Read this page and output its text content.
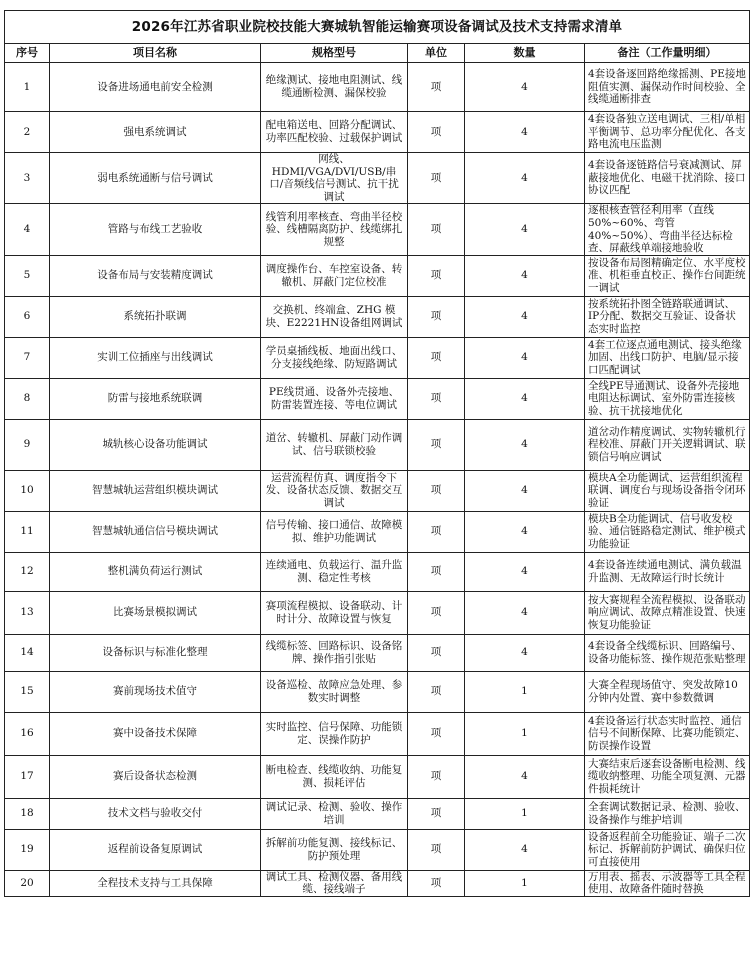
2026年江苏省职业院校技能大赛城轨智能运输赛项设备调试及技术支持需求清单					
序号	项目名称	规格型号	单位	数量	备注（工作量明细）
1	设备进场通电前安全检测	绝缘测试、接地电阻测试、线缆通断检测、漏保校验	项	4	4套设备逐回路绝缘摇测、PE接地阻值实测、漏保动作时间校验、全线缆通断排查
2	强电系统调试	配电箱送电、回路分配调试、功率匹配校验、过载保护调试	项	4	4套设备独立送电调试、三相/单相平衡调节、总功率分配优化、各支路电流电压监测
3	弱电系统通断与信号调试	网线、HDMI/VGA/DVI/USB/串口/音频线信号测试、抗干扰调试	项	4	4套设备逐链路信号衰减测试、屏蔽接地优化、电磁干扰消除、接口协议匹配
4	管路与布线工艺验收	线管利用率核查、弯曲半径校验、线槽隔离防护、线缆绑扎规整	项	4	逐根核查管径利用率（直线50%~60%、弯管 40%~50%）、弯曲半径达标检查、屏蔽线单端接地验收
5	设备布局与安装精度调试	调度操作台、车控室设备、转辙机、屏蔽门定位校准	项	4	按设备布局图精确定位、水平度校准、机柜垂直校正、操作台间距统一调试
6	系统拓扑联调	交换机、终端盒、ZHG 模块、E2221HN设备组网调试	项	4	按系统拓扑图全链路联通调试、IP分配、数据交互验证、设备状态实时监控
7	实训工位插座与出线调试	学员桌插线板、地面出线口、分支接线绝缘、防短路调试	项	4	4套工位逐点通电测试、接头绝缘加固、出线口防护、电脑/显示接口匹配调试
8	防雷与接地系统联调	PE线贯通、设备外壳接地、防雷装置连接、等电位调试	项	4	全线PE导通测试、设备外壳接地电阻达标调试、室外防雷连接核验、抗干扰接地优化
9	城轨核心设备功能调试	道岔、转辙机、屏蔽门动作调试、信号联锁校验	项	4	道岔动作精度调试、实物转辙机行程校准、屏蔽门开关逻辑调试、联锁信号响应调试
10	智慧城轨运营组织模块调试	运营流程仿真、调度指令下发、设备状态反馈、数据交互调试	项	4	模块A全功能调试、运营组织流程联调、调度台与现场设备指令闭环验证
11	智慧城轨通信信号模块调试	信号传输、接口通信、故障模拟、维护功能调试	项	4	模块B全功能调试、信号收发校验、通信链路稳定测试、维护模式功能验证
12	整机满负荷运行测试	连续通电、负载运行、温升监测、稳定性考核	项	4	4套设备连续通电测试、满负载温升监测、无故障运行时长统计
13	比赛场景模拟调试	赛项流程模拟、设备联动、计时计分、故障设置与恢复	项	4	按大赛规程全流程模拟、设备联动响应调试、故障点精准设置、快速恢复功能验证
14	设备标识与标准化整理	线缆标签、回路标识、设备铭牌、操作指引张贴	项	4	4套设备全线缆标识、回路编号、设备功能标签、操作规范张贴整理
15	赛前现场技术值守	设备巡检、故障应急处理、参数实时调整	项	1	大赛全程现场值守、突发故障10分钟内处置、赛中参数微调
16	赛中设备技术保障	实时监控、信号保障、功能锁定、误操作防护	项	1	4套设备运行状态实时监控、通信信号不间断保障、比赛功能锁定、防误操作设置
17	赛后设备状态检测	断电检查、线缆收纳、功能复测、损耗评估	项	4	大赛结束后逐套设备断电检测、线缆收纳整理、功能全项复测、元器件损耗统计
18	技术文档与验收交付	调试记录、检测、验收、操作培训	项	1	全套调试数据记录、检测、验收、设备操作与维护培训
19	返程前设备复原调试	拆解前功能复测、接线标记、防护预处理	项	4	设备返程前全功能验证、端子二次标记、拆解前防护调试、确保归位可直接使用
20	全程技术支持与工具保障	调试工具、检测仪器、备用线缆、接线端子	项	1	万用表、摇表、示波器等工具全程使用、故障备件随时替换
